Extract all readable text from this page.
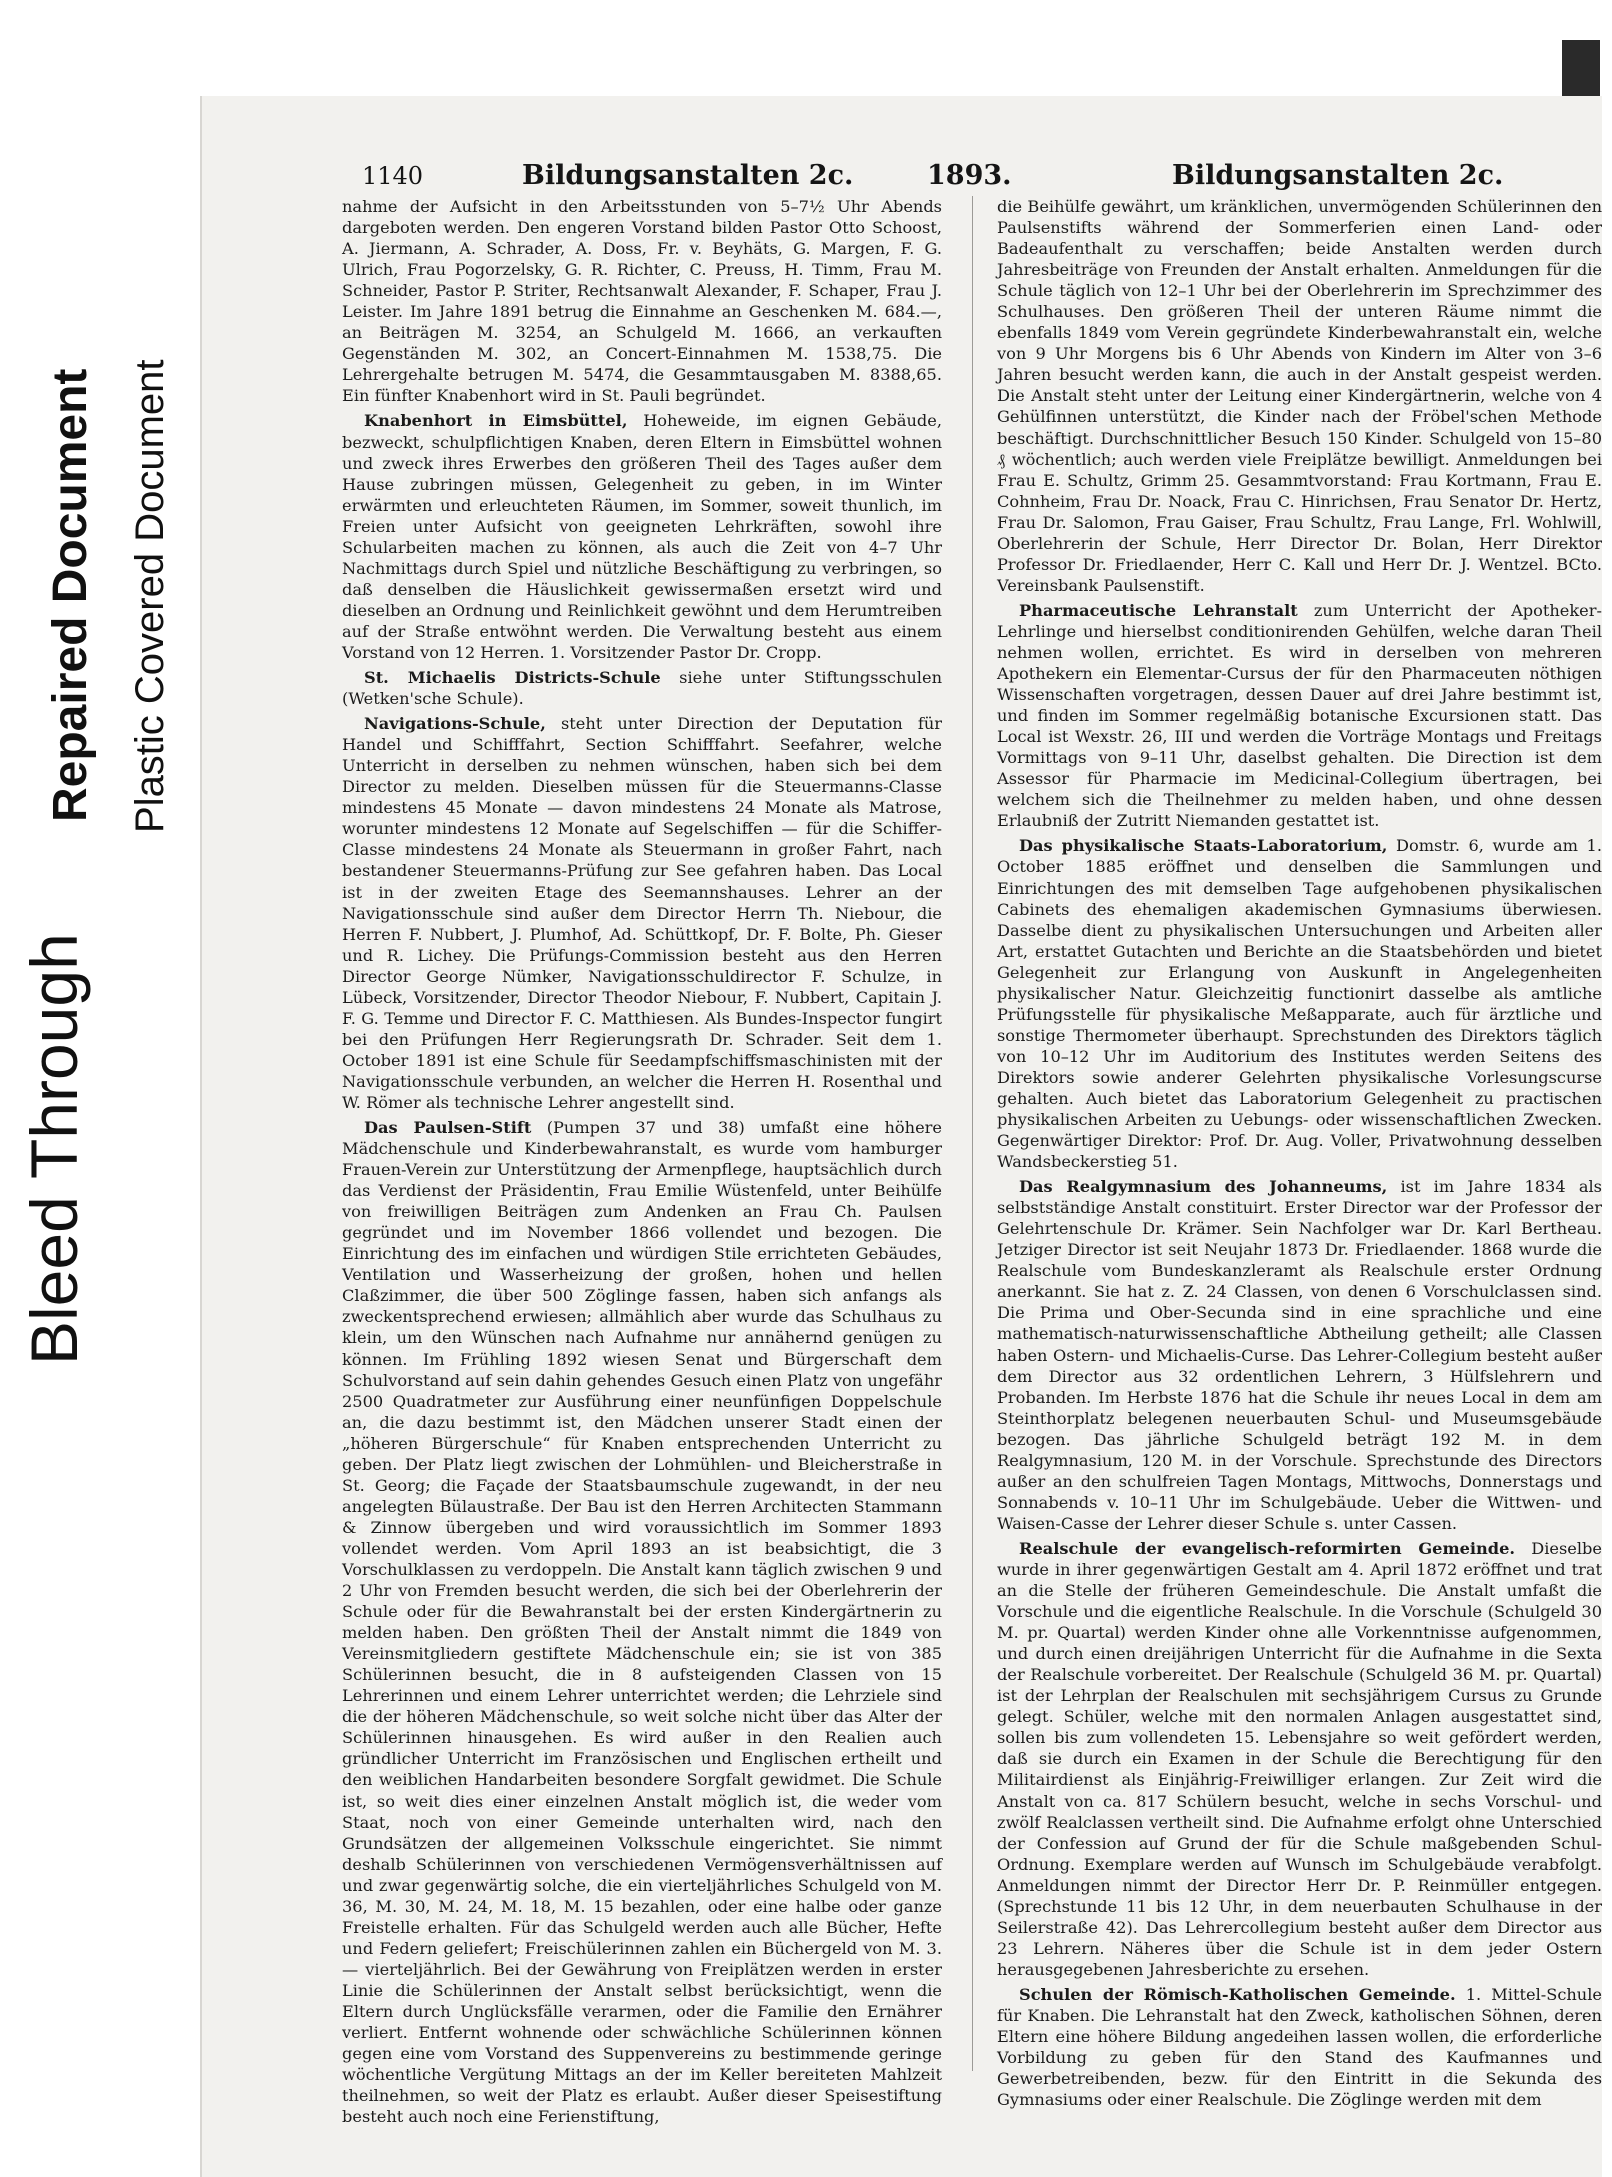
Bleed Through
Repaired Document Plastic Covered Document
1140	Bildungsanstalten 2c.	1893.	Bildungsanstalten 2c.

nahme der Aufsicht in den Arbeitsstunden von 5–7½ Uhr Abends dargeboten werden. Den engeren Vorstand bilden Pastor Otto Schoost, A. Jiermann, A. Schrader, A. Doss, Fr. v. Beyhäts, G. Margen, F. G. Ulrich, Frau Pogorzelsky, G. R. Richter, C. Preuss, H. Timm, Frau M. Schneider, Pastor P. Striter, Rechtsanwalt Alexander, F. Schaper, Frau J. Leister. Im Jahre 1891 betrug die Einnahme an Geschenken M. 684.—, an Beiträgen M. 3254, an Schulgeld M. 1666, an verkauften Gegenständen M. 302, an Concert-Einnahmen M. 1538,75. Die Lehrergehalte betrugen M. 5474, die Gesammtausgaben M. 8388,65. Ein fünfter Knabenhort wird in St. Pauli begründet.

Knabenhort in Eimsbüttel, Hoheweide, im eignen Gebäude, bezweckt, schulpflichtigen Knaben, deren Eltern in Eimsbüttel wohnen und zweck ihres Erwerbes den größeren Theil des Tages außer dem Hause zubringen müssen, Gelegenheit zu geben, in im Winter erwärmten und erleuchteten Räumen, im Sommer, soweit thunlich, im Freien unter Aufsicht von geeigneten Lehrkräften, sowohl ihre Schularbeiten machen zu können, als auch die Zeit von 4–7 Uhr Nachmittags durch Spiel und nützliche Beschäftigung zu verbringen, so daß denselben die Häuslichkeit gewissermaßen ersetzt wird und dieselben an Ordnung und Reinlichkeit gewöhnt und dem Herumtreiben auf der Straße entwöhnt werden. Die Verwaltung besteht aus einem Vorstand von 12 Herren. 1. Vorsitzender Pastor Dr. Cropp.

St. Michaelis Districts-Schule siehe unter Stiftungsschulen (Wetken'sche Schule).

Navigations-Schule, steht unter Direction der Deputation für Handel und Schifffahrt, Section Schifffahrt. Seefahrer, welche Unterricht in derselben zu nehmen wünschen, haben sich bei dem Director zu melden. Dieselben müssen für die Steuermanns-Classe mindestens 45 Monate — davon mindestens 24 Monate als Matrose, worunter mindestens 12 Monate auf Segelschiffen — für die Schiffer-Classe mindestens 24 Monate als Steuermann in großer Fahrt, nach bestandener Steuermanns-Prüfung zur See gefahren haben. Das Local ist in der zweiten Etage des Seemannshauses. Lehrer an der Navigationsschule sind außer dem Director Herrn Th. Niebour, die Herren F. Nubbert, J. Plumhof, Ad. Schüttkopf, Dr. F. Bolte, Ph. Gieser und R. Lichey. Die Prüfungs-Commission besteht aus den Herren Director George Nümker, Navigationsschuldirector F. Schulze, in Lübeck, Vorsitzender, Director Theodor Niebour, F. Nubbert, Capitain J. F. G. Temme und Director F. C. Matthiesen. Als Bundes-Inspector fungirt bei den Prüfungen Herr Regierungsrath Dr. Schrader. Seit dem 1. October 1891 ist eine Schule für Seedampfschiffsmaschinisten mit der Navigationsschule verbunden, an welcher die Herren H. Rosenthal und W. Römer als technische Lehrer angestellt sind.

Das Paulsen-Stift (Pumpen 37 und 38) umfaßt eine höhere Mädchenschule und Kinderbewahranstalt, es wurde vom hamburger Frauen-Verein zur Unterstützung der Armenpflege, hauptsächlich durch das Verdienst der Präsidentin, Frau Emilie Wüstenfeld, unter Beihülfe von freiwilligen Beiträgen zum Andenken an Frau Ch. Paulsen gegründet und im November 1866 vollendet und bezogen. Die Einrichtung des im einfachen und würdigen Stile errichteten Gebäudes, Ventilation und Wasserheizung der großen, hohen und hellen Claßzimmer, die über 500 Zöglinge fassen, haben sich anfangs als zweckentsprechend erwiesen; allmählich aber wurde das Schulhaus zu klein, um den Wünschen nach Aufnahme nur annähernd genügen zu können. Im Frühling 1892 wiesen Senat und Bürgerschaft dem Schulvorstand auf sein dahin gehendes Gesuch einen Platz von ungefähr 2500 Quadratmeter zur Ausführung einer neunfünfigen Doppelschule an, die dazu bestimmt ist, den Mädchen unserer Stadt einen der „höheren Bürgerschule“ für Knaben entsprechenden Unterricht zu geben. Der Platz liegt zwischen der Lohmühlen- und Bleicherstraße in St. Georg; die Façade der Staatsbaumschule zugewandt, in der neu angelegten Bülaustraße. Der Bau ist den Herren Architecten Stammann & Zinnow übergeben und wird voraussichtlich im Sommer 1893 vollendet werden. Vom April 1893 an ist beabsichtigt, die 3 Vorschulklassen zu verdoppeln. Die Anstalt kann täglich zwischen 9 und 2 Uhr von Fremden besucht werden, die sich bei der Oberlehrerin der Schule oder für die Bewahranstalt bei der ersten Kindergärtnerin zu melden haben. Den größten Theil der Anstalt nimmt die 1849 von Vereinsmitgliedern gestiftete Mädchenschule ein; sie ist von 385 Schülerinnen besucht, die in 8 aufsteigenden Classen von 15 Lehrerinnen und einem Lehrer unterrichtet werden; die Lehrziele sind die der höheren Mädchenschule, so weit solche nicht über das Alter der Schülerinnen hinausgehen. Es wird außer in den Realien auch gründlicher Unterricht im Französischen und Englischen ertheilt und den weiblichen Handarbeiten besondere Sorgfalt gewidmet. Die Schule ist, so weit dies einer einzelnen Anstalt möglich ist, die weder vom Staat, noch von einer Gemeinde unterhalten wird, nach den Grundsätzen der allgemeinen Volksschule eingerichtet. Sie nimmt deshalb Schülerinnen von verschiedenen Vermögensverhältnissen auf und zwar gegenwärtig solche, die ein vierteljährliches Schulgeld von M. 36, M. 30, M. 24, M. 18, M. 15 bezahlen, oder eine halbe oder ganze Freistelle erhalten. Für das Schulgeld werden auch alle Bücher, Hefte und Federn geliefert; Freischülerinnen zahlen ein Büchergeld von M. 3.— vierteljährlich. Bei der Gewährung von Freiplätzen werden in erster Linie die Schülerinnen der Anstalt selbst berücksichtigt, wenn die Eltern durch Unglücksfälle verarmen, oder die Familie den Ernährer verliert. Entfernt wohnende oder schwächliche Schülerinnen können gegen eine vom Vorstand des Suppenvereins zu bestimmende geringe wöchentliche Vergütung Mittags an der im Keller bereiteten Mahlzeit theilnehmen, so weit der Platz es erlaubt. Außer dieser Speisestiftung besteht auch noch eine Ferienstiftung,

die Beihülfe gewährt, um kränklichen, unvermögenden Schülerinnen den Paulsenstifts während der Sommerferien einen Land- oder Badeaufenthalt zu verschaffen; beide Anstalten werden durch Jahresbeiträge von Freunden der Anstalt erhalten. Anmeldungen für die Schule täglich von 12–1 Uhr bei der Oberlehrerin im Sprechzimmer des Schulhauses. Den größeren Theil der unteren Räume nimmt die ebenfalls 1849 vom Verein gegründete Kinderbewahranstalt ein, welche von 9 Uhr Morgens bis 6 Uhr Abends von Kindern im Alter von 3–6 Jahren besucht werden kann, die auch in der Anstalt gespeist werden. Die Anstalt steht unter der Leitung einer Kindergärtnerin, welche von 4 Gehülfinnen unterstützt, die Kinder nach der Fröbel'schen Methode beschäftigt. Durchschnittlicher Besuch 150 Kinder. Schulgeld von 15–80 ₰ wöchentlich; auch werden viele Freiplätze bewilligt. Anmeldungen bei Frau E. Schultz, Grimm 25. Gesammtvorstand: Frau Kortmann, Frau E. Cohnheim, Frau Dr. Noack, Frau C. Hinrichsen, Frau Senator Dr. Hertz, Frau Dr. Salomon, Frau Gaiser, Frau Schultz, Frau Lange, Frl. Wohlwill, Oberlehrerin der Schule, Herr Director Dr. Bolan, Herr Direktor Professor Dr. Friedlaender, Herr C. Kall und Herr Dr. J. Wentzel. BCto. Vereinsbank Paulsenstift.

Pharmaceutische Lehranstalt zum Unterricht der Apotheker-Lehrlinge und hierselbst conditionirenden Gehülfen, welche daran Theil nehmen wollen, errichtet. Es wird in derselben von mehreren Apothekern ein Elementar-Cursus der für den Pharmaceuten nöthigen Wissenschaften vorgetragen, dessen Dauer auf drei Jahre bestimmt ist, und finden im Sommer regelmäßig botanische Excursionen statt. Das Local ist Wexstr. 26, III und werden die Vorträge Montags und Freitags Vormittags von 9–11 Uhr, daselbst gehalten. Die Direction ist dem Assessor für Pharmacie im Medicinal-Collegium übertragen, bei welchem sich die Theilnehmer zu melden haben, und ohne dessen Erlaubniß der Zutritt Niemanden gestattet ist.

Das physikalische Staats-Laboratorium, Domstr. 6, wurde am 1. October 1885 eröffnet und denselben die Sammlungen und Einrichtungen des mit demselben Tage aufgehobenen physikalischen Cabinets des ehemaligen akademischen Gymnasiums überwiesen. Dasselbe dient zu physikalischen Untersuchungen und Arbeiten aller Art, erstattet Gutachten und Berichte an die Staatsbehörden und bietet Gelegenheit zur Erlangung von Auskunft in Angelegenheiten physikalischer Natur. Gleichzeitig functionirt dasselbe als amtliche Prüfungsstelle für physikalische Meßapparate, auch für ärztliche und sonstige Thermometer überhaupt. Sprechstunden des Direktors täglich von 10–12 Uhr im Auditorium des Institutes werden Seitens des Direktors sowie anderer Gelehrten physikalische Vorlesungscurse gehalten. Auch bietet das Laboratorium Gelegenheit zu practischen physikalischen Arbeiten zu Uebungs- oder wissenschaftlichen Zwecken. Gegenwärtiger Direktor: Prof. Dr. Aug. Voller, Privatwohnung desselben Wandsbeckerstieg 51.

Das Realgymnasium des Johanneums, ist im Jahre 1834 als selbstständige Anstalt constituirt. Erster Director war der Professor der Gelehrtenschule Dr. Krämer. Sein Nachfolger war Dr. Karl Bertheau. Jetziger Director ist seit Neujahr 1873 Dr. Friedlaender. 1868 wurde die Realschule vom Bundeskanzleramt als Realschule erster Ordnung anerkannt. Sie hat z. Z. 24 Classen, von denen 6 Vorschulclassen sind. Die Prima und Ober-Secunda sind in eine sprachliche und eine mathematisch-naturwissenschaftliche Abtheilung getheilt; alle Classen haben Ostern- und Michaelis-Curse. Das Lehrer-Collegium besteht außer dem Director aus 32 ordentlichen Lehrern, 3 Hülfslehrern und Probanden. Im Herbste 1876 hat die Schule ihr neues Local in dem am Steinthorplatz belegenen neuerbauten Schul- und Museumsgebäude bezogen. Das jährliche Schulgeld beträgt 192 M. in dem Realgymnasium, 120 M. in der Vorschule. Sprechstunde des Directors außer an den schulfreien Tagen Montags, Mittwochs, Donnerstags und Sonnabends v. 10–11 Uhr im Schulgebäude. Ueber die Wittwen- und Waisen-Casse der Lehrer dieser Schule s. unter Cassen.

Realschule der evangelisch-reformirten Gemeinde. Dieselbe wurde in ihrer gegenwärtigen Gestalt am 4. April 1872 eröffnet und trat an die Stelle der früheren Gemeindeschule. Die Anstalt umfaßt die Vorschule und die eigentliche Realschule. In die Vorschule (Schulgeld 30 M. pr. Quartal) werden Kinder ohne alle Vorkenntnisse aufgenommen, und durch einen dreijährigen Unterricht für die Aufnahme in die Sexta der Realschule vorbereitet. Der Realschule (Schulgeld 36 M. pr. Quartal) ist der Lehrplan der Realschulen mit sechsjährigem Cursus zu Grunde gelegt. Schüler, welche mit den normalen Anlagen ausgestattet sind, sollen bis zum vollendeten 15. Lebensjahre so weit gefördert werden, daß sie durch ein Examen in der Schule die Berechtigung für den Militairdienst als Einjährig-Freiwilliger erlangen. Zur Zeit wird die Anstalt von ca. 817 Schülern besucht, welche in sechs Vorschul- und zwölf Realclassen vertheilt sind. Die Aufnahme erfolgt ohne Unterschied der Confession auf Grund der für die Schule maßgebenden Schul-Ordnung. Exemplare werden auf Wunsch im Schulgebäude verabfolgt. Anmeldungen nimmt der Director Herr Dr. P. Reinmüller entgegen. (Sprechstunde 11 bis 12 Uhr, in dem neuerbauten Schulhause in der Seilerstraße 42). Das Lehrercollegium besteht außer dem Director aus 23 Lehrern. Näheres über die Schule ist in dem jeder Ostern herausgegebenen Jahresberichte zu ersehen.

Schulen der Römisch-Katholischen Gemeinde. 1. Mittel-Schule für Knaben. Die Lehranstalt hat den Zweck, katholischen Söhnen, deren Eltern eine höhere Bildung angedeihen lassen wollen, die erforderliche Vorbildung zu geben für den Stand des Kaufmannes und Gewerbetreibenden, bezw. für den Eintritt in die Sekunda des Gymnasiums oder einer Realschule. Die Zöglinge werden mit dem
